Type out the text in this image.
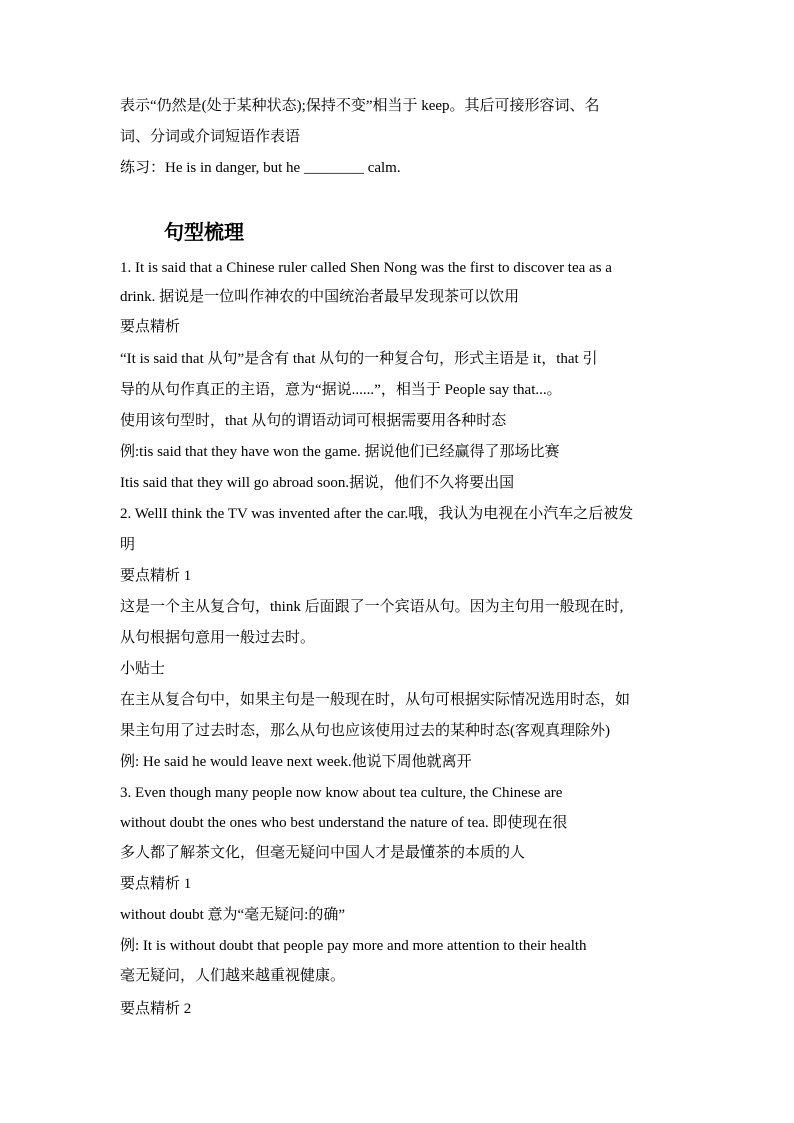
表示“仍然是(处于某种状态);保持不变”相当于 keep。其后可接形容词、名
词、分词或介词短语作表语
练习：He is in danger, but he ________ calm.
句型梳理
1. It is said that a Chinese ruler called Shen Nong was the first to discover tea as a
drink. 据说是一位叫作神农的中国统治者最早发现茶可以饮用
要点精析
“It is said that 从句”是含有 that 从句的一种复合句，形式主语是 it，that 引
导的从句作真正的主语，意为“据说......”，相当于 People say that...。
使用该句型时，that 从句的谓语动词可根据需要用各种时态
例:tis said that they have won the game. 据说他们已经赢得了那场比赛
Itis said that they will go abroad soon.据说，他们不久将要出国
2. WellI think the TV was invented after the car.哦，我认为电视在小汽车之后被发
明
要点精析 1
这是一个主从复合句，think 后面跟了一个宾语从句。因为主句用一般现在时,
从句根据句意用一般过去时。
小贴士
在主从复合句中，如果主句是一般现在时，从句可根据实际情况选用时态，如
果主句用了过去时态，那么从句也应该使用过去的某种时态(客观真理除外)
例: He said he would leave next week.他说下周他就离开
3. Even though many people now know about tea culture, the Chinese are
without doubt the ones who best understand the nature of tea. 即使现在很
多人都了解茶文化，但毫无疑问中国人才是最懂茶的本质的人
要点精析 1
without doubt 意为“毫无疑问:的确”
例: It is without doubt that people pay more and more attention to their health
毫无疑问，人们越来越重视健康。
要点精析 2
